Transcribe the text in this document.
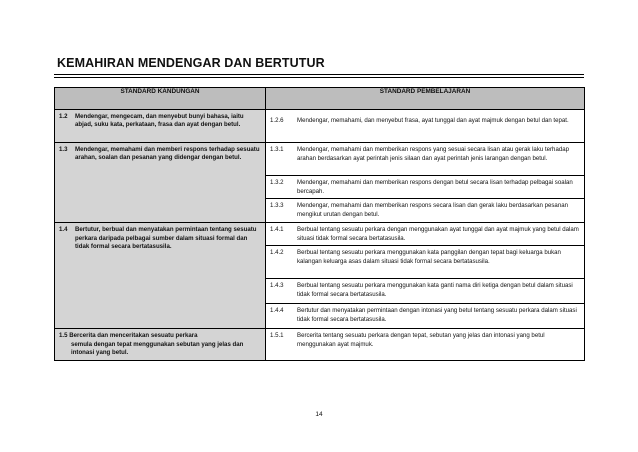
KEMAHIRAN MENDENGAR DAN BERTUTUR
STANDARD KANDUNGAN	STANDARD PEMBELAJARAN

1.2 Mendengar, mengecam, dan menyebut bunyi bahasa, iaitu abjad, suku kata, perkataan, frasa dan ayat dengan betul.	1.2.6 Mendengar, memahami, dan menyebut frasa, ayat tunggal dan ayat majmuk dengan betul dan tepat.

1.3 Mendengar, memahami dan memberi respons terhadap sesuatu arahan, soalan dan pesanan yang didengar dengan betul.	1.3.1 Mendengar, memahami dan memberikan respons yang sesuai secara lisan atau gerak laku terhadap arahan berdasarkan ayat perintah jenis silaan dan ayat perintah jenis larangan dengan betul.

	1.3.2 Mendengar, memahami dan memberikan respons dengan betul secara lisan terhadap pelbagai soalan bercapah.

	1.3.3 Mendengar, memahami dan memberikan respons secara lisan dan gerak laku berdasarkan pesanan mengikut urutan dengan betul.

1.4 Bertutur, berbual dan menyatakan permintaan tentang sesuatu perkara daripada pelbagai sumber dalam situasi formal dan tidak formal secara bertatasusila.	1.4.1 Berbual tentang sesuatu perkara dengan menggunakan ayat tunggal dan ayat majmuk yang betul dalam situasi tidak formal secara bertatasusila.

	1.4.2 Berbual tentang sesuatu perkara menggunakan kata panggilan dengan tepat bagi keluarga bukan kalangan keluarga asas dalam situasi tidak formal secara bertatasusila.

	1.4.3 Berbual tentang sesuatu perkara menggunakan kata ganti nama diri ketiga dengan betul dalam situasi tidak formal secara bertatasusila.

	1.4.4 Bertutur dan menyatakan permintaan dengan intonasi yang betul tentang sesuatu perkara dalam situasi tidak formal secara bertatasusila.

1.5 Bercerita dan menceritakan sesuatu perkara
semula dengan tepat menggunakan sebutan yang jelas dan intonasi yang betul.	1.5.1 Bercerita tentang sesuatu perkara dengan tepat, sebutan yang jelas dan intonasi yang betul menggunakan ayat majmuk.
14
